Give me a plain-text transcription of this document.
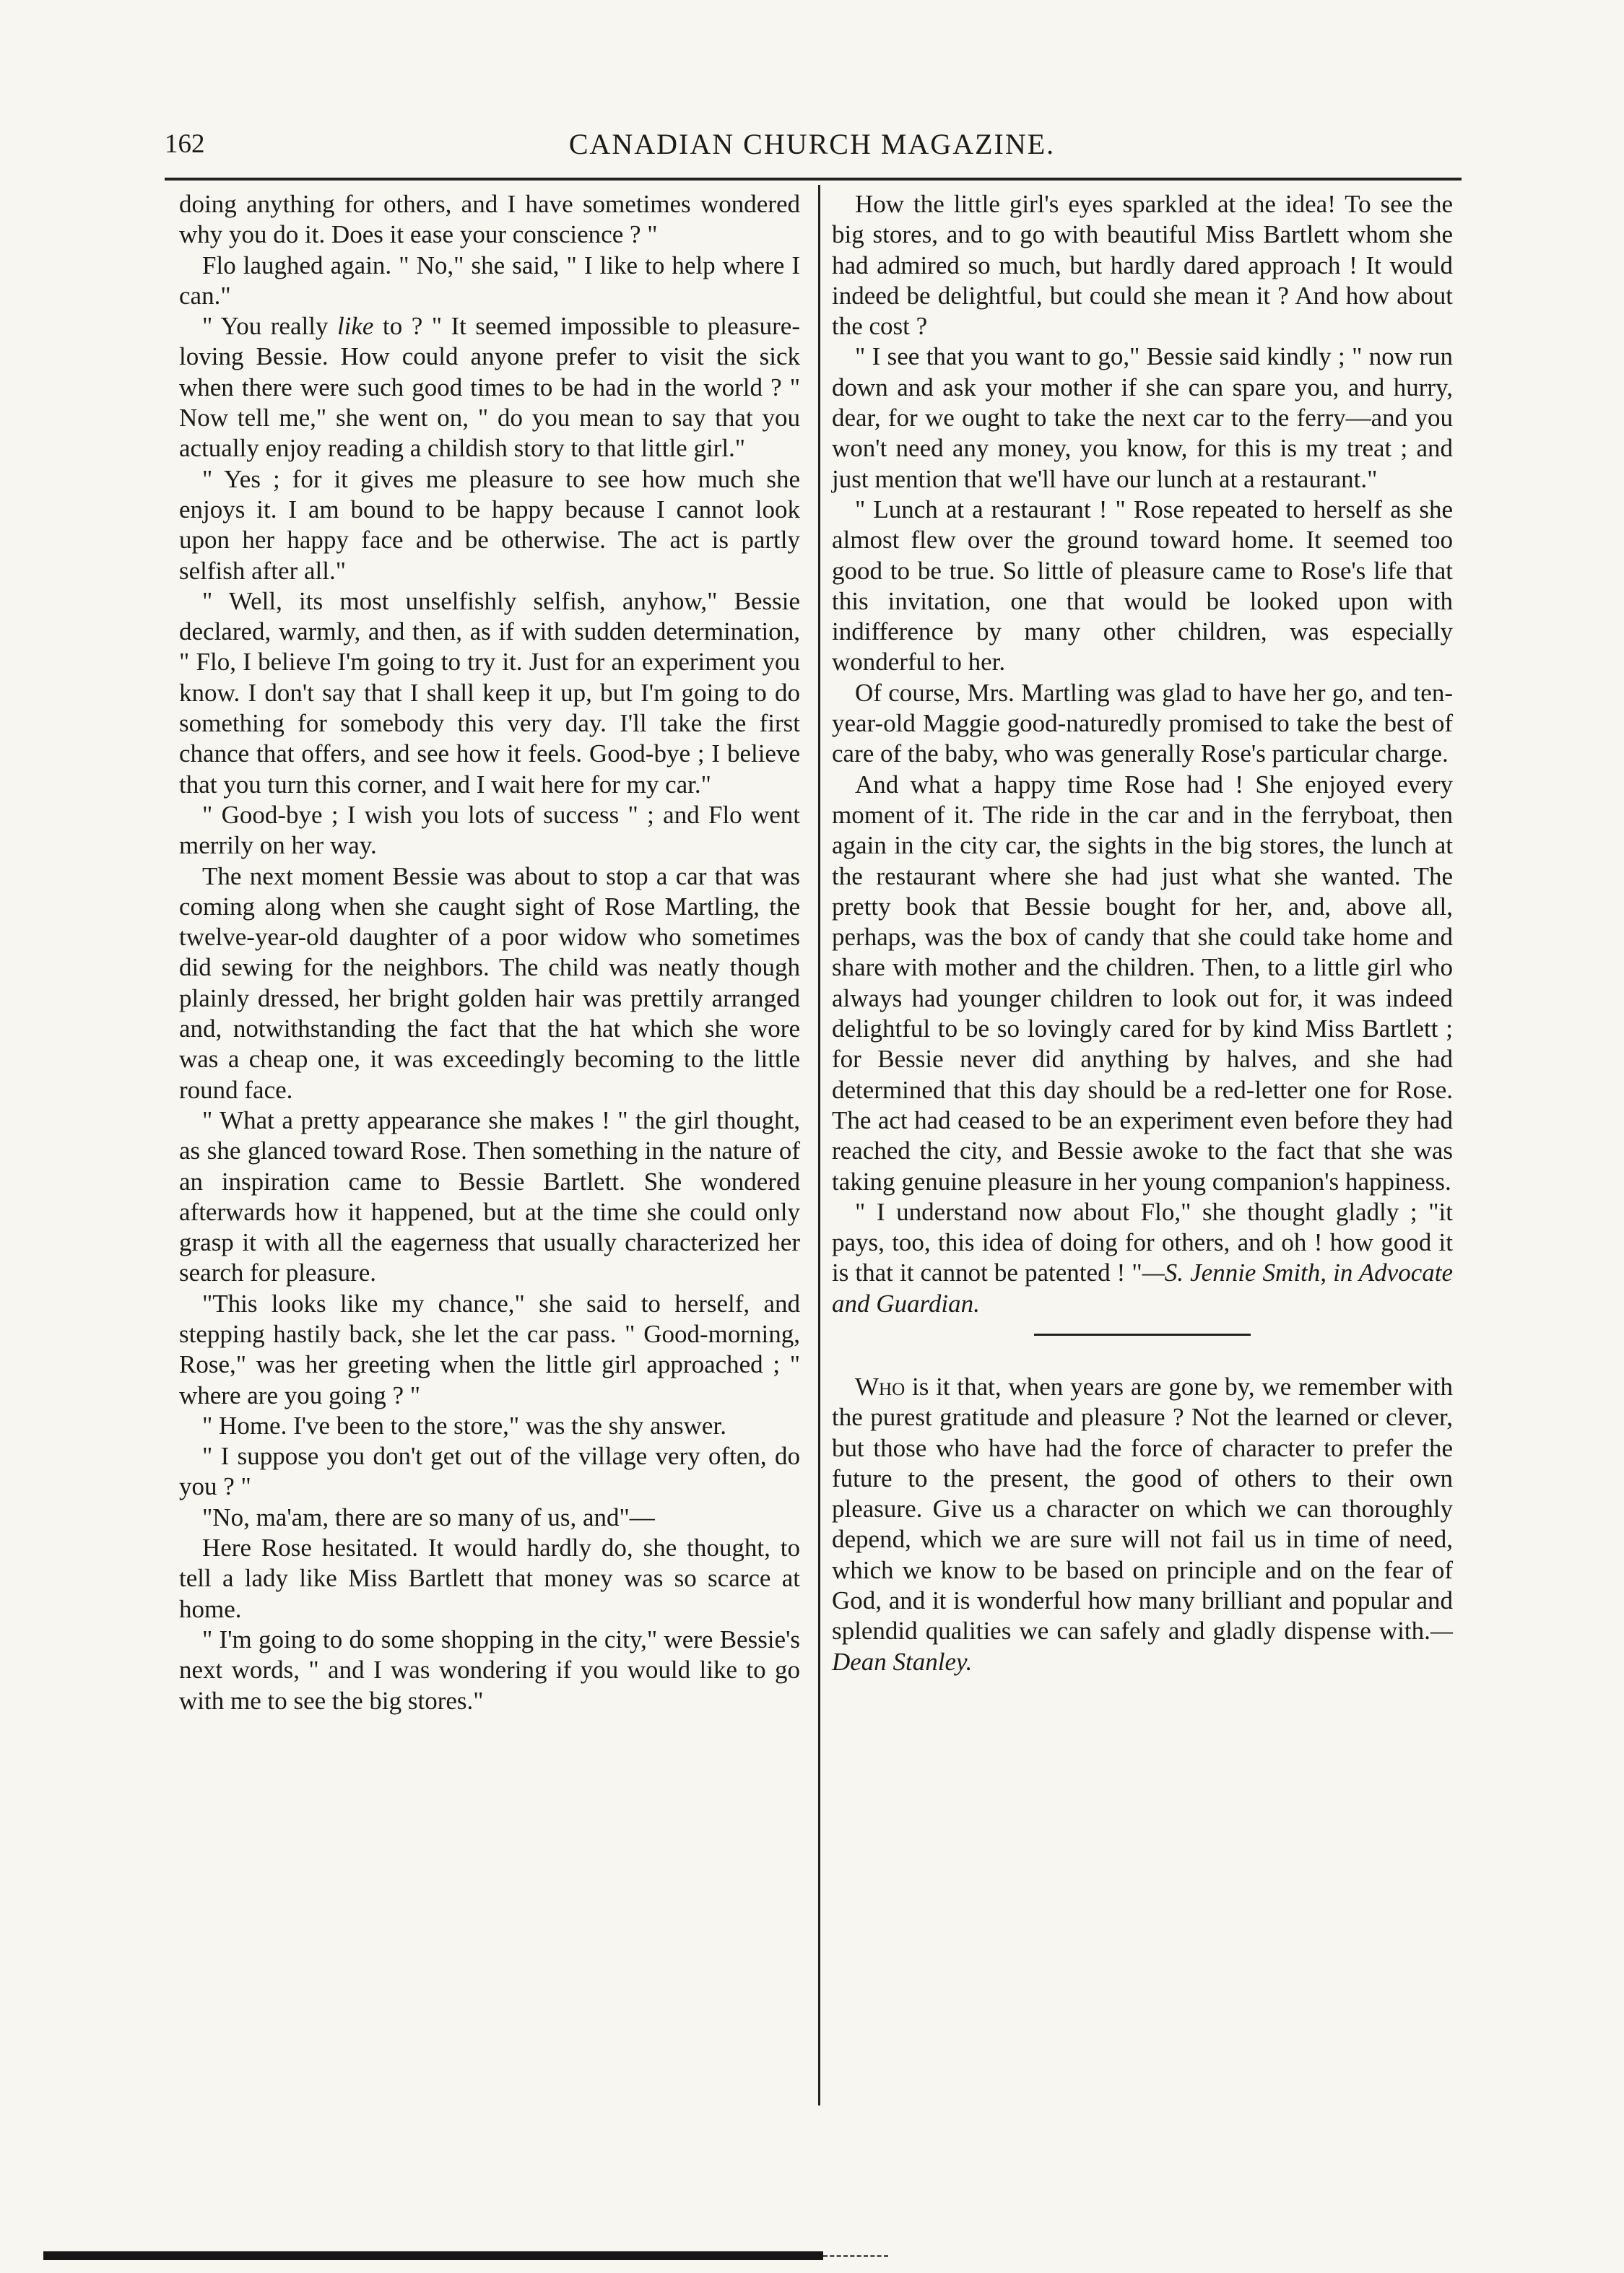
162	CANADIAN CHURCH MAGAZINE.

doing anything for others, and I have sometimes wondered why you do it. Does it ease your conscience ? "

Flo laughed again. " No," she said, " I like to help where I can."

" You really like to ? " It seemed impossible to pleasure-loving Bessie. How could anyone prefer to visit the sick when there were such good times to be had in the world ? " Now tell me," she went on, " do you mean to say that you actually enjoy reading a childish story to that little girl."

" Yes ; for it gives me pleasure to see how much she enjoys it. I am bound to be happy because I cannot look upon her happy face and be otherwise. The act is partly selfish after all."

" Well, its most unselfishly selfish, anyhow," Bessie declared, warmly, and then, as if with sudden determination, " Flo, I believe I'm going to try it. Just for an experiment you know. I don't say that I shall keep it up, but I'm going to do something for somebody this very day. I'll take the first chance that offers, and see how it feels. Good-bye ; I believe that you turn this corner, and I wait here for my car."

" Good-bye ; I wish you lots of success " ; and Flo went merrily on her way.

The next moment Bessie was about to stop a car that was coming along when she caught sight of Rose Martling, the twelve-year-old daughter of a poor widow who sometimes did sewing for the neighbors. The child was neatly though plainly dressed, her bright golden hair was prettily arranged and, notwithstanding the fact that the hat which she wore was a cheap one, it was exceedingly becoming to the little round face.

" What a pretty appearance she makes ! " the girl thought, as she glanced toward Rose. Then something in the nature of an inspiration came to Bessie Bartlett. She wondered afterwards how it happened, but at the time she could only grasp it with all the eagerness that usually characterized her search for pleasure.

"This looks like my chance," she said to herself, and stepping hastily back, she let the car pass. " Good-morning, Rose," was her greeting when the little girl approached ; " where are you going ? "

" Home. I've been to the store," was the shy answer.

" I suppose you don't get out of the village very often, do you ? "

"No, ma'am, there are so many of us, and"—

Here Rose hesitated. It would hardly do, she thought, to tell a lady like Miss Bartlett that money was so scarce at home.

" I'm going to do some shopping in the city," were Bessie's next words, " and I was wondering if you would like to go with me to see the big stores."

How the little girl's eyes sparkled at the idea! To see the big stores, and to go with beautiful Miss Bartlett whom she had admired so much, but hardly dared approach ! It would indeed be delightful, but could she mean it ? And how about the cost ?

" I see that you want to go," Bessie said kindly ; " now run down and ask your mother if she can spare you, and hurry, dear, for we ought to take the next car to the ferry—and you won't need any money, you know, for this is my treat ; and just mention that we'll have our lunch at a restaurant."

" Lunch at a restaurant ! " Rose repeated to herself as she almost flew over the ground toward home. It seemed too good to be true. So little of pleasure came to Rose's life that this invitation, one that would be looked upon with indifference by many other children, was especially wonderful to her.

Of course, Mrs. Martling was glad to have her go, and ten-year-old Maggie good-naturedly promised to take the best of care of the baby, who was generally Rose's particular charge.

And what a happy time Rose had ! She enjoyed every moment of it. The ride in the car and in the ferryboat, then again in the city car, the sights in the big stores, the lunch at the restaurant where she had just what she wanted. The pretty book that Bessie bought for her, and, above all, perhaps, was the box of candy that she could take home and share with mother and the children. Then, to a little girl who always had younger children to look out for, it was indeed delightful to be so lovingly cared for by kind Miss Bartlett ; for Bessie never did anything by halves, and she had determined that this day should be a red-letter one for Rose. The act had ceased to be an experiment even before they had reached the city, and Bessie awoke to the fact that she was taking genuine pleasure in her young companion's happiness.

" I understand now about Flo," she thought gladly ; "it pays, too, this idea of doing for others, and oh ! how good it is that it cannot be patented ! "—S. Jennie Smith, in Advocate and Guardian.

Who is it that, when years are gone by, we remember with the purest gratitude and pleasure ? Not the learned or clever, but those who have had the force of character to prefer the future to the present, the good of others to their own pleasure. Give us a character on which we can thoroughly depend, which we are sure will not fail us in time of need, which we know to be based on principle and on the fear of God, and it is wonderful how many brilliant and popular and splendid qualities we can safely and gladly dispense with.—Dean Stanley.
